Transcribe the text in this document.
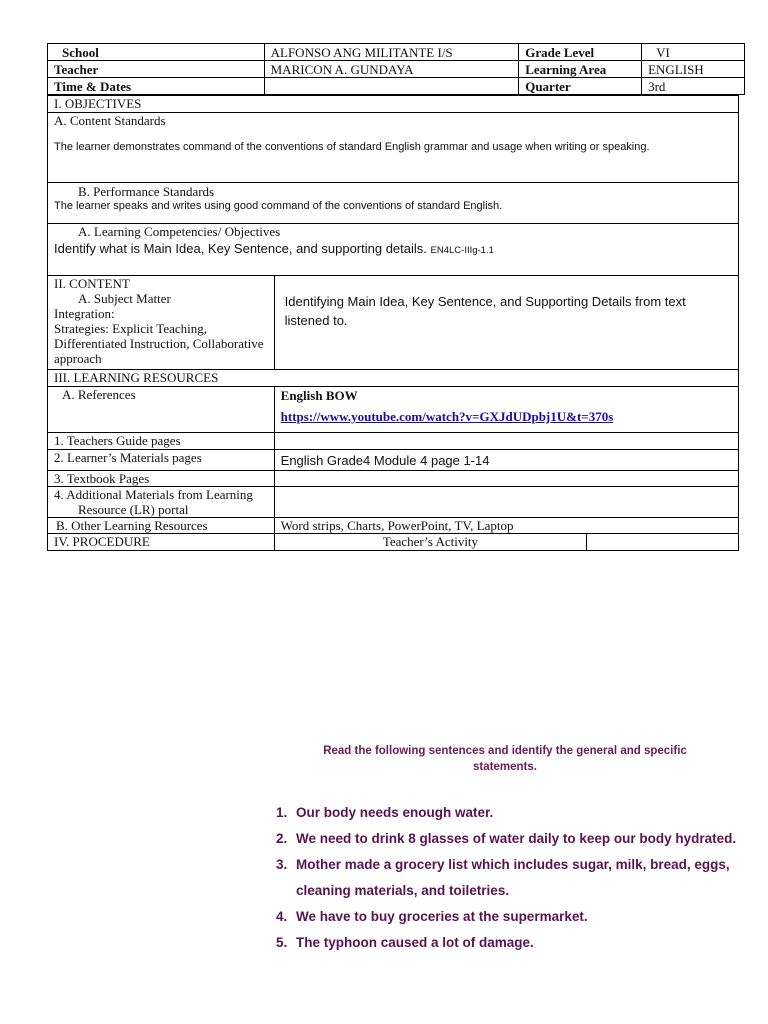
School	ALFONSO ANG MILITANTE I/S	Grade Level	VI
Teacher	MARICON A. GUNDAYA	Learning Area	ENGLISH
Time & Dates		Quarter	3rd
I. OBJECTIVES		

A. Content Standards
The learner demonstrates command of the conventions of standard English grammar and usage when writing or speaking.		

B. Performance Standards
The learner speaks and writes using good command of the conventions of standard English.		

A. Learning Competencies/ Objectives
Identify what is Main Idea, Key Sentence, and supporting details. EN4LC-IIIg-1.1		

II. CONTENT
A. Subject Matter
Integration:
Strategies: Explicit Teaching, Differentiated Instruction, Collaborative approach	Identifying Main Idea, Key Sentence, and Supporting Details from text listened to.	

III. LEARNING RESOURCES		

A. References	English BOW
https://www.youtube.com/watch?v=GXJdUDpbj1U&t=370s	

1. Teachers Guide pages		

2. Learner’s Materials pages	English Grade4 Module 4 page 1-14	

3. Textbook Pages		

4. Additional Materials from Learning Resource (LR) portal		

B. Other Learning Resources	Word strips, Charts, PowerPoint, TV, Laptop	

IV. PROCEDURE	Teacher’s Activity	

Read the following sentences and identify the general and specific statements.
1. Our body needs enough water.
2. We need to drink 8 glasses of water daily to keep our body hydrated.
3. Mother made a grocery list which includes sugar, milk, bread, eggs, cleaning materials, and toiletries.
4. We have to buy groceries at the supermarket.
5. The typhoon caused a lot of damage.
